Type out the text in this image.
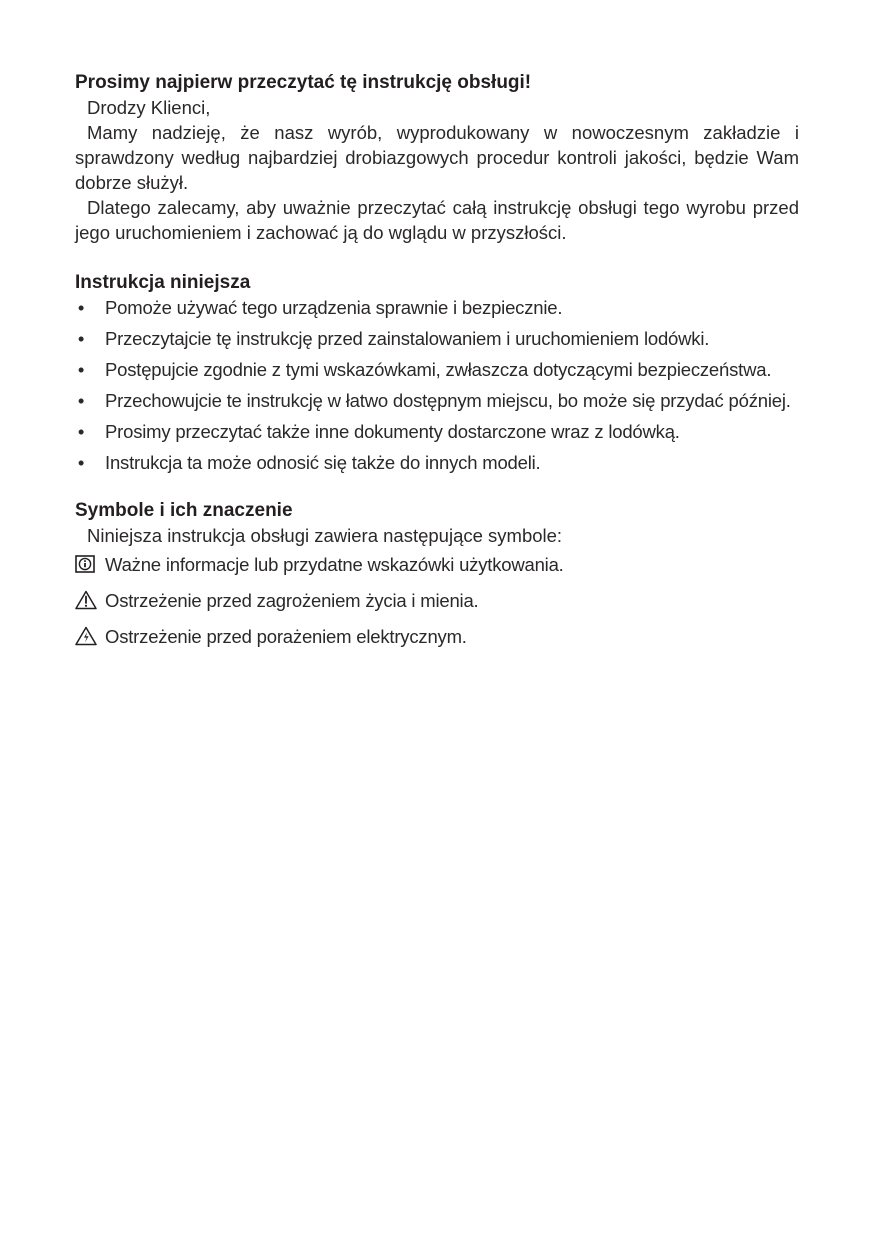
Prosimy najpierw przeczytać tę instrukcję obsługi!

Drodzy Klienci,

Mamy nadzieję, że nasz wyrób, wyprodukowany w nowoczesnym zakładzie i sprawdzony według najbardziej drobiazgowych procedur kontroli jakości, będzie Wam dobrze służył.

Dlatego zalecamy, aby uważnie przeczytać całą instrukcję obsługi tego wyrobu przed jego uruchomieniem i zachować ją do wglądu w przyszłości.

Instrukcja niniejsza
• Pomoże używać tego urządzenia sprawnie i bezpiecznie.
• Przeczytajcie tę instrukcję przed zainstalowaniem i uruchomieniem lodówki.
• Postępujcie zgodnie z tymi wskazówkami, zwłaszcza dotyczącymi bezpieczeństwa.
• Przechowujcie te instrukcję w łatwo dostępnym miejscu, bo może się przydać później.
• Prosimy przeczytać także inne dokumenty dostarczone wraz z lodówką.
• Instrukcja ta może odnosić się także do innych modeli.
Symbole i ich znaczenie

Niniejsza instrukcja obsługi zawiera następujące symbole:

Ważne informacje lub przydatne wskazówki użytkowania.
Ostrzeżenie przed zagrożeniem życia i mienia.
Ostrzeżenie przed porażeniem elektrycznym.
